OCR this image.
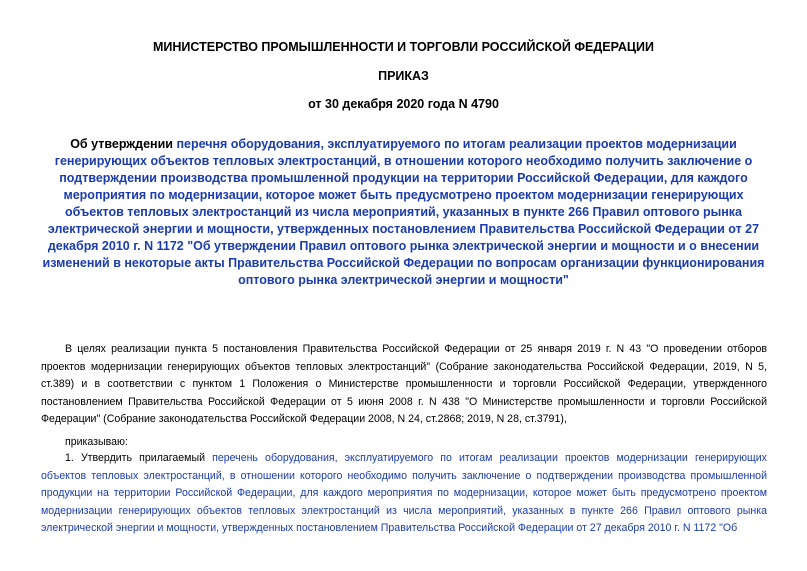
МИНИСТЕРСТВО ПРОМЫШЛЕННОСТИ И ТОРГОВЛИ РОССИЙСКОЙ ФЕДЕРАЦИИ
ПРИКАЗ
от 30 декабря 2020 года N 4790
Об утверждении перечня оборудования, эксплуатируемого по итогам реализации проектов модернизации генерирующих объектов тепловых электростанций, в отношении которого необходимо получить заключение о подтверждении производства промышленной продукции на территории Российской Федерации, для каждого мероприятия по модернизации, которое может быть предусмотрено проектом модернизации генерирующих объектов тепловых электростанций из числа мероприятий, указанных в пункте 266 Правил оптового рынка электрической энергии и мощности, утвержденных постановлением Правительства Российской Федерации от 27 декабря 2010 г. N 1172 "Об утверждении Правил оптового рынка электрической энергии и мощности и о внесении изменений в некоторые акты Правительства Российской Федерации по вопросам организации функционирования оптового рынка электрической энергии и мощности"
В целях реализации пункта 5 постановления Правительства Российской Федерации от 25 января 2019 г. N 43 "О проведении отборов проектов модернизации генерирующих объектов тепловых электростанций" (Собрание законодательства Российской Федерации, 2019, N 5, ст.389) и в соответствии с пунктом 1 Положения о Министерстве промышленности и торговли Российской Федерации, утвержденного постановлением Правительства Российской Федерации от 5 июня 2008 г. N 438 "О Министерстве промышленности и торговли Российской Федерации" (Собрание законодательства Российской Федерации 2008, N 24, ст.2868; 2019, N 28, ст.3791),
приказываю:
1. Утвердить прилагаемый перечень оборудования, эксплуатируемого по итогам реализации проектов модернизации генерирующих объектов тепловых электростанций, в отношении которого необходимо получить заключение о подтверждении производства промышленной продукции на территории Российской Федерации, для каждого мероприятия по модернизации, которое может быть предусмотрено проектом модернизации генерирующих объектов тепловых электростанций из числа мероприятий, указанных в пункте 266 Правил оптового рынка электрической энергии и мощности, утвержденных постановлением Правительства Российской Федерации от 27 декабря 2010 г. N 1172 "Об
